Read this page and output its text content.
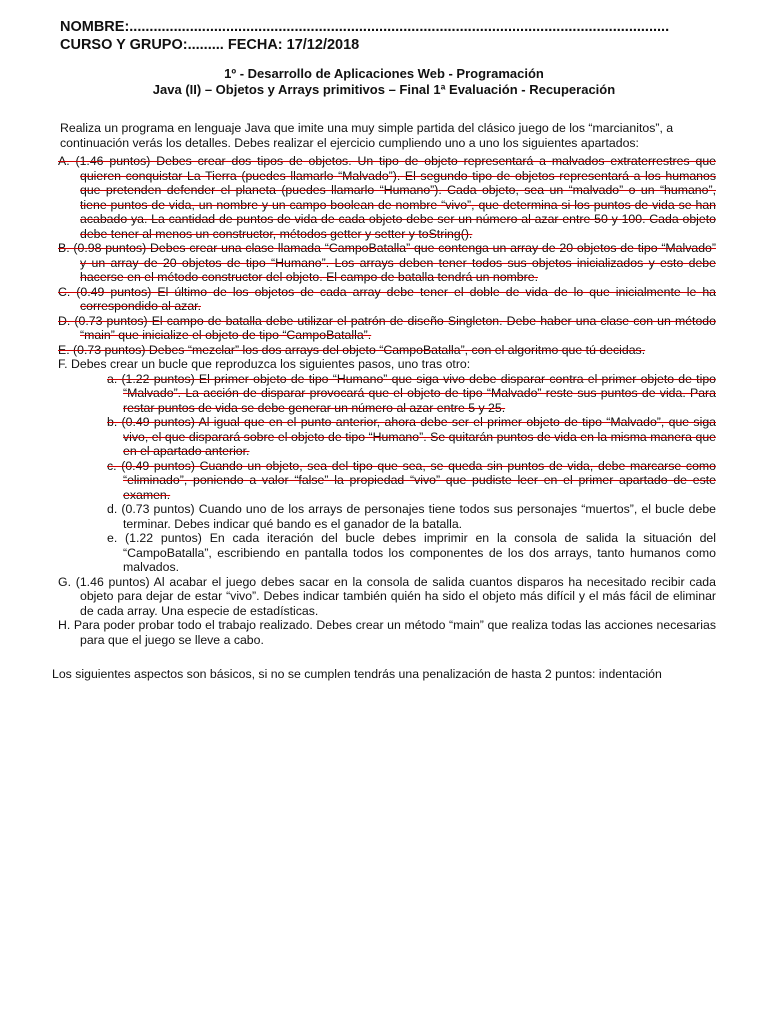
NOMBRE:......................................................................................................................................
CURSO Y GRUPO:......... FECHA: 17/12/2018
1º - Desarrollo de Aplicaciones Web - Programación
Java (II) – Objetos y Arrays primitivos – Final 1ª Evaluación - Recuperación

Realiza un programa en lenguaje Java que imite una muy simple partida del clásico juego de los “marcianitos”, a continuación verás los detalles. Debes realizar el ejercicio cumpliendo uno a uno los siguientes apartados:

A. (1.46 puntos) Debes crear dos tipos de objetos. Un tipo de objeto representará a malvados extraterrestres que quieren conquistar La Tierra (puedes llamarlo “Malvado”). El segundo tipo de objetos representará a los humanos que pretenden defender el planeta (puedes llamarlo “Humano”). Cada objeto, sea un “malvado” o un “humano”, tiene puntos de vida, un nombre y un campo boolean de nombre “vivo”, que determina si los puntos de vida se han acabado ya. La cantidad de puntos de vida de cada objeto debe ser un número al azar entre 50 y 100. Cada objeto debe tener al menos un constructor, métodos getter y setter y toString().

B. (0.98 puntos) Debes crear una clase llamada “CampoBatalla” que contenga un array de 20 objetos de tipo “Malvado” y un array de 20 objetos de tipo “Humano”. Los arrays deben tener todos sus objetos inicializados y esto debe hacerse en el método constructor del objeto. El campo de batalla tendrá un nombre.

C. (0.49 puntos) El último de los objetos de cada array debe tener el doble de vida de lo que inicialmente le ha correspondido al azar.

D. (0.73 puntos) El campo de batalla debe utilizar el patrón de diseño Singleton. Debe haber una clase con un método “main” que inicialize el objeto de tipo “CampoBatalla”.

E. (0.73 puntos) Debes “mezclar” los dos arrays del objeto “CampoBatalla”, con el algoritmo que tú decidas.

F. Debes crear un bucle que reproduzca los siguientes pasos, uno tras otro:

a. (1.22 puntos) El primer objeto de tipo “Humano” que siga vivo debe disparar contra el primer objeto de tipo “Malvado”. La acción de disparar provocará que el objeto de tipo “Malvado” reste sus puntos de vida. Para restar puntos de vida se debe generar un número al azar entre 5 y 25.

b. (0.49 puntos) Al igual que en el punto anterior, ahora debe ser el primer objeto de tipo “Malvado”, que siga vivo, el que disparará sobre el objeto de tipo “Humano”. Se quitarán puntos de vida en la misma manera que en el apartado anterior.

c. (0.49 puntos) Cuando un objeto, sea del tipo que sea, se queda sin puntos de vida, debe marcarse como “eliminado”, poniendo a valor “false” la propiedad “vivo” que pudiste leer en el primer apartado de este examen.

d. (0.73 puntos) Cuando uno de los arrays de personajes tiene todos sus personajes “muertos”, el bucle debe terminar. Debes indicar qué bando es el ganador de la batalla.

e. (1.22 puntos) En cada iteración del bucle debes imprimir en la consola de salida la situación del “CampoBatalla”, escribiendo en pantalla todos los componentes de los dos arrays, tanto humanos como malvados.

G. (1.46 puntos) Al acabar el juego debes sacar en la consola de salida cuantos disparos ha necesitado recibir cada objeto para dejar de estar “vivo”. Debes indicar también quién ha sido el objeto más difícil y el más fácil de eliminar de cada array. Una especie de estadísticas.

H. Para poder probar todo el trabajo realizado. Debes crear un método “main” que realiza todas las acciones necesarias para que el juego se lleve a cabo.

Los siguientes aspectos son básicos, si no se cumplen tendrás una penalización de hasta 2 puntos: indentación
